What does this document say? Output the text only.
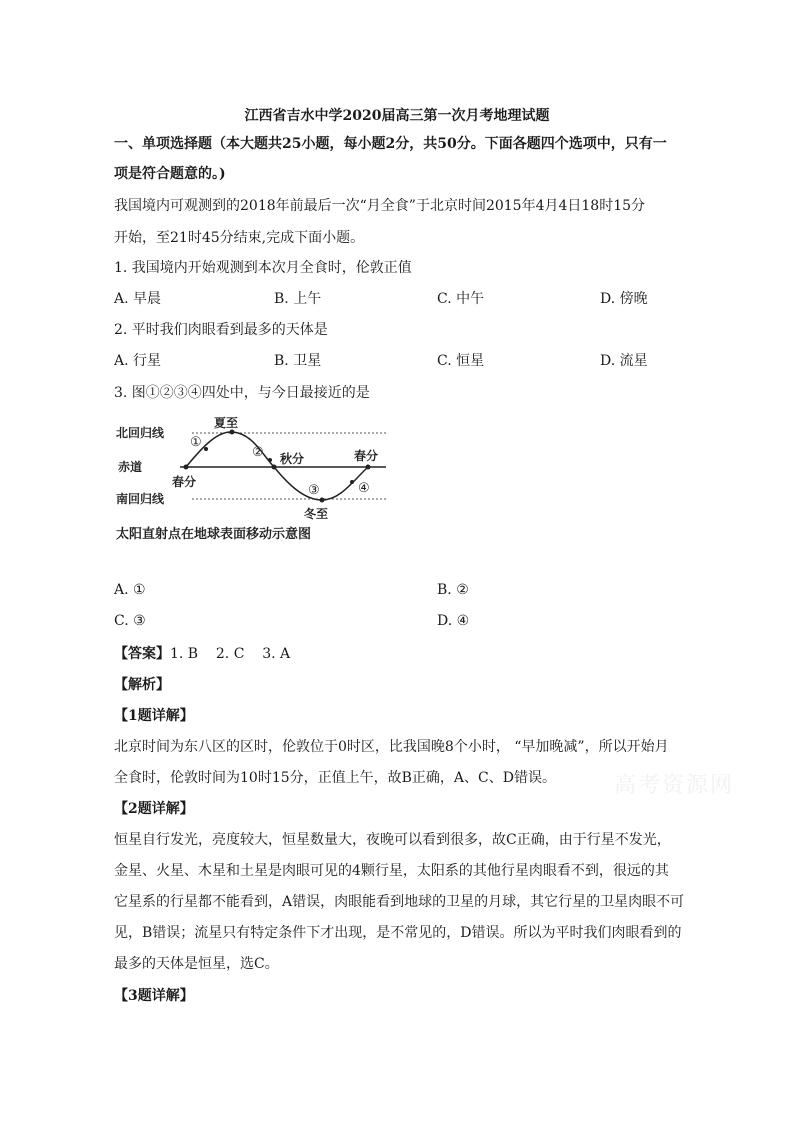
江西省吉水中学2020届高三第一次月考地理试题
一、单项选择题（本大题共25小题，每小题2分，共50分。下面各题四个选项中，只有一
项是符合题意的。)
我国境内可观测到的2018年前最后一次“月全食”于北京时间2015年4月4日18时15分
开始，至21时45分结束,完成下面小题。
1. 我国境内开始观测到本次月全食时，伦敦正值
A. 早晨	B. 上午	C. 中午	D. 傍晚
2. 平时我们肉眼看到最多的天体是
A. 行星	B. 卫星	C. 恒星	D. 流星
3. 图①②③④四处中，与今日最接近的是
北回归线
赤道
南回归线
夏至
秋分	春分
春分
冬至
①
②
③	④
太阳直射点在地球表面移动示意图
A. ①	B. ②
C. ③	D. ④
【答案】1. B    2. C    3. A
【解析】
【1题详解】
北京时间为东八区的区时，伦敦位于0时区，比我国晚8个小时， “早加晚减”，所以开始月
全食时，伦敦时间为10时15分，正值上午，故B正确，A、C、D错误。
【2题详解】
恒星自行发光，亮度较大，恒星数量大，夜晚可以看到很多，故C正确，由于行星不发光，
金星、火星、木星和土星是肉眼可见的4颗行星，太阳系的其他行星肉眼看不到，很远的其
它星系的行星都不能看到，A错误，肉眼能看到地球的卫星的月球，其它行星的卫星肉眼不可
见，B错误；流星只有特定条件下才出现，是不常见的，D错误。所以为平时我们肉眼看到的
最多的天体是恒星，选C。
【3题详解】
高考资源网
